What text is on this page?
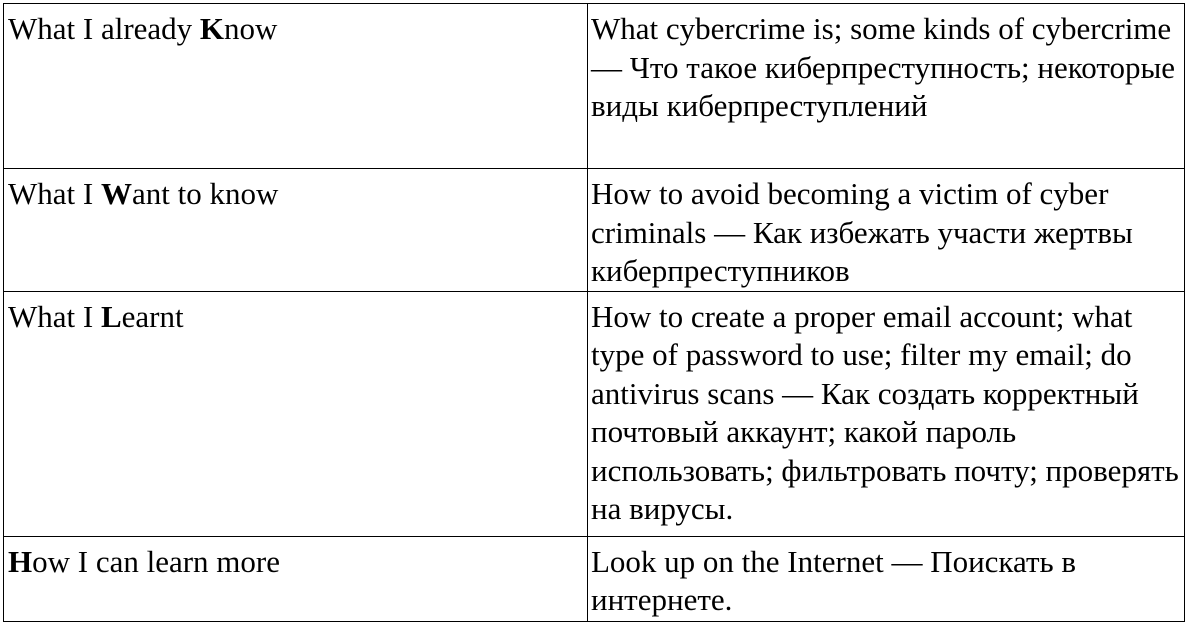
What I already Know	What cybercrime is; some kinds of cybercrime — Что такое киберпреступность; некоторые виды киберпреступлений

What I Want to know	How to avoid becoming a victim of cyber criminals — Как избежать участи жертвы киберпреступников

What I Learnt	How to create a proper email account; what type of password to use; filter my email; do antivirus scans — Как создать корректный почтовый аккаунт; какой пароль использовать; фильтровать почту; проверять на вирусы.

How I can learn more	Look up on the Internet — Поискать в интернете.
